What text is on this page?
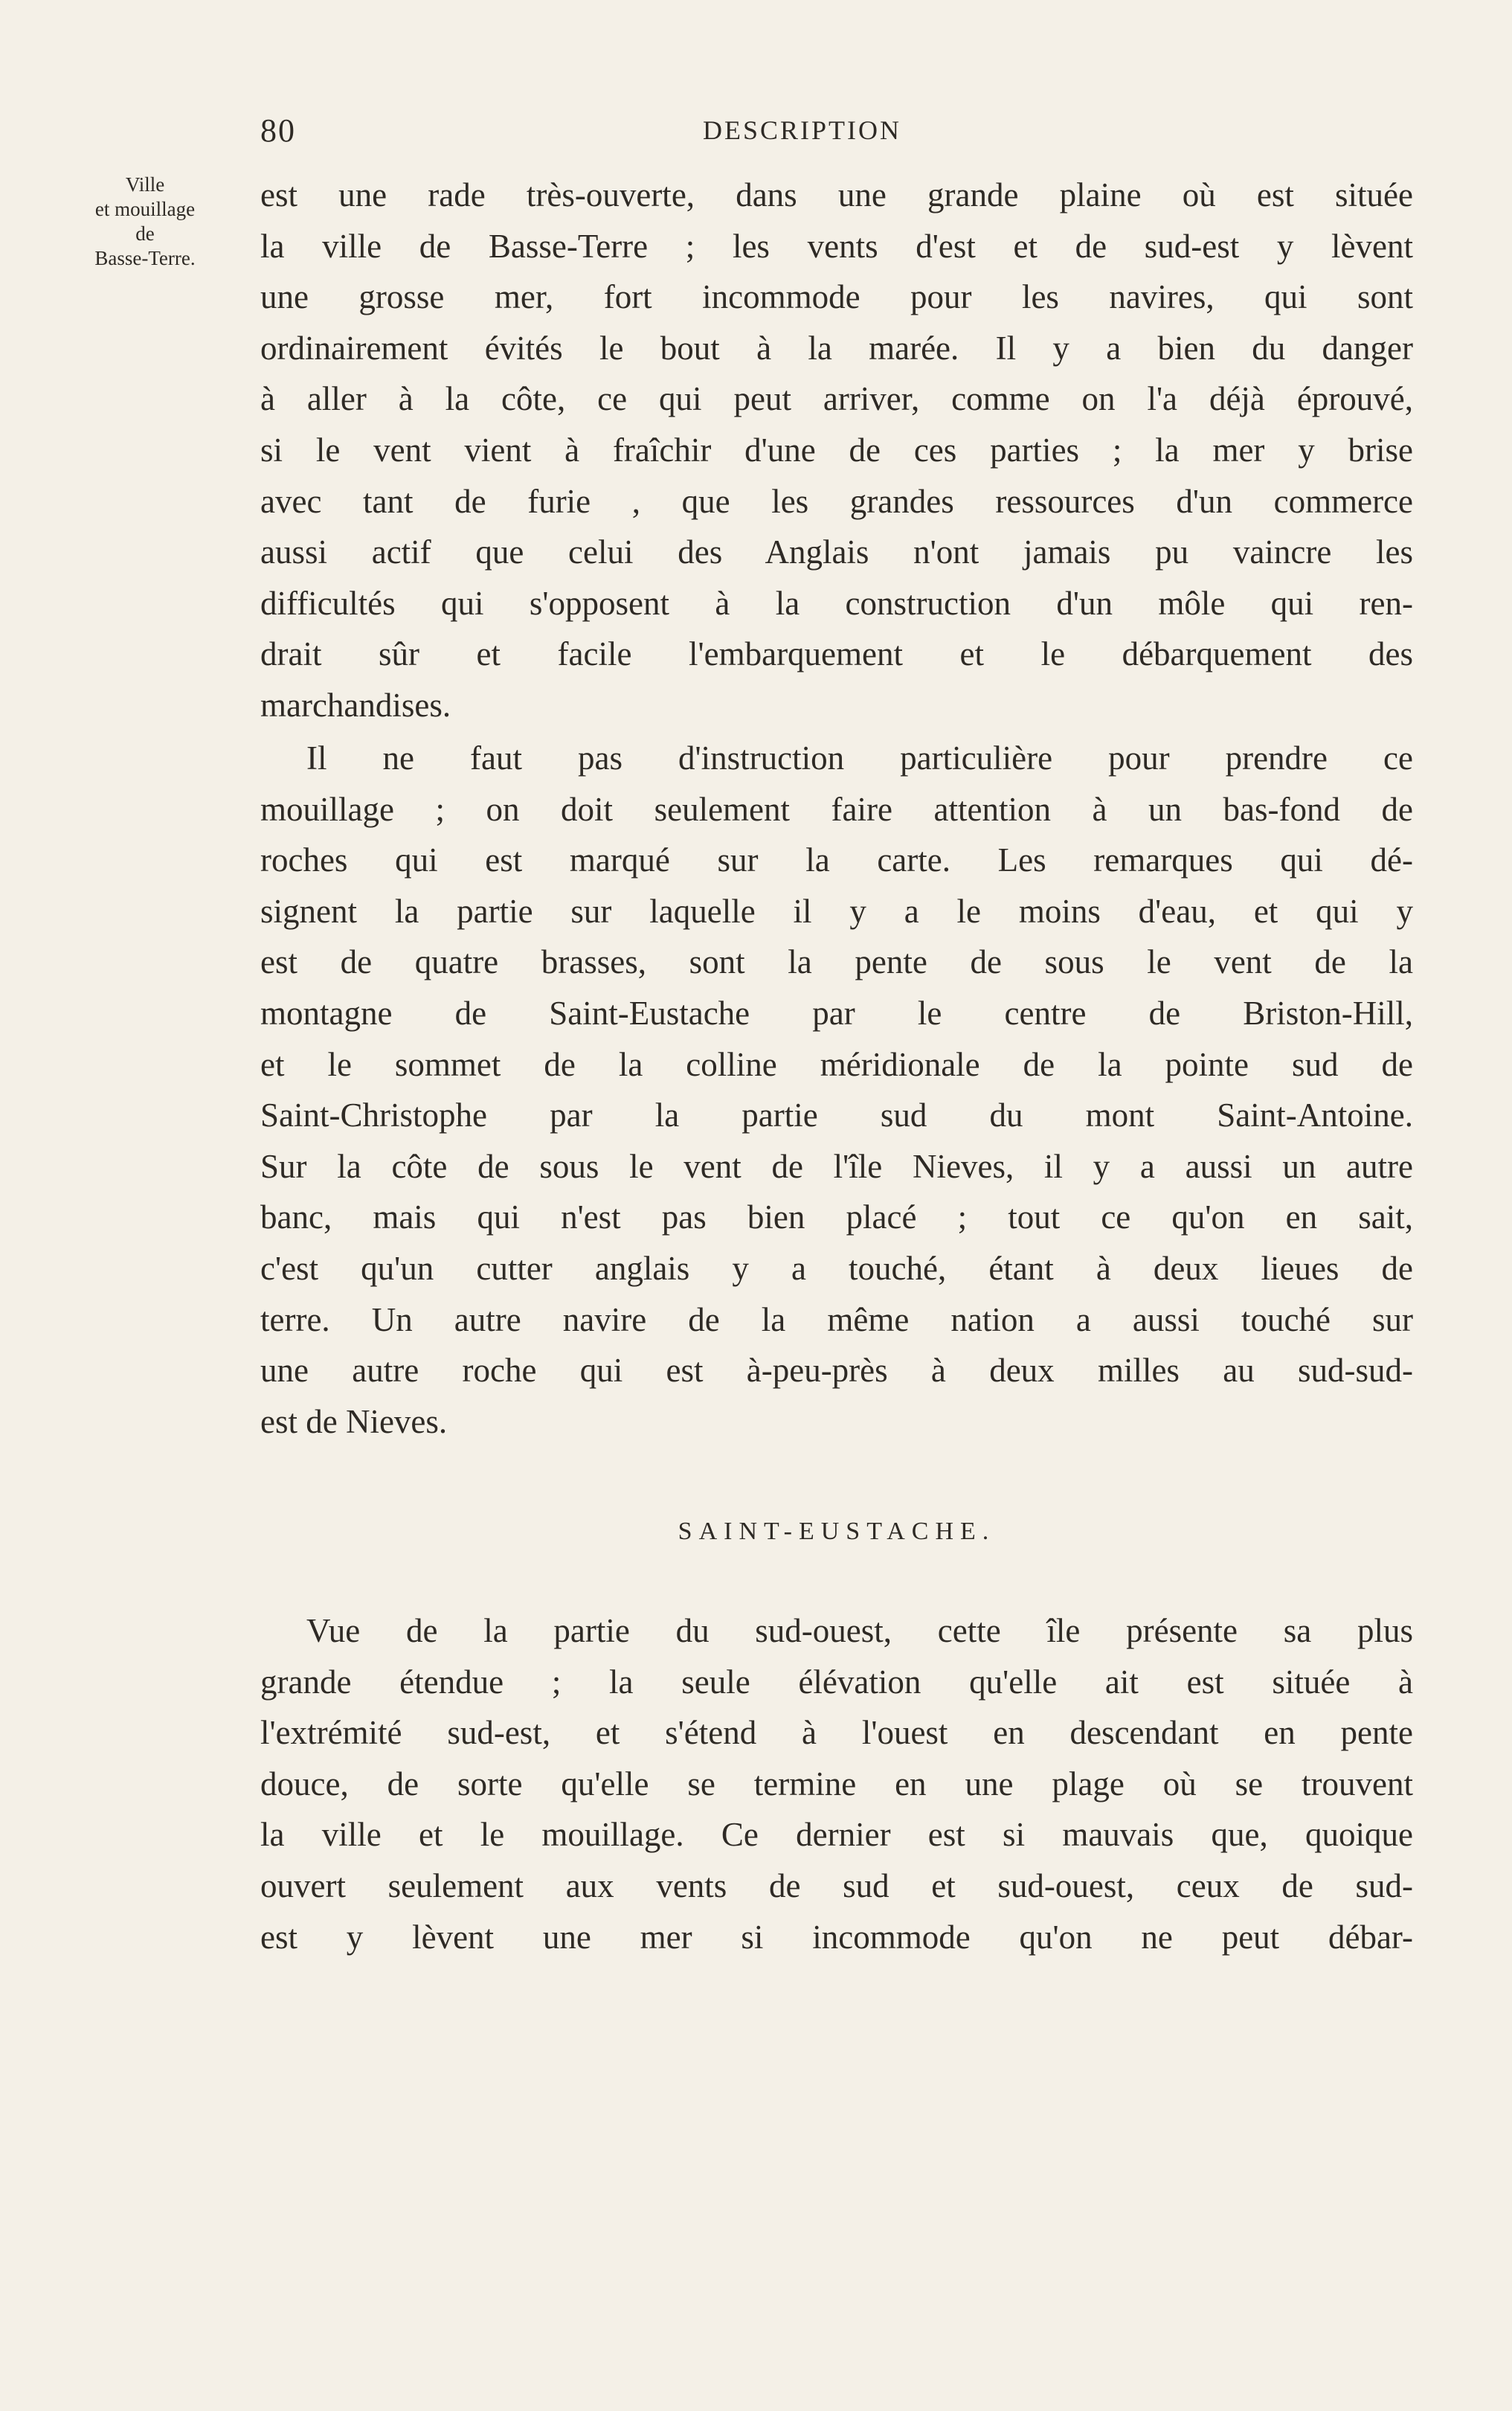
80	DESCRIPTION
Ville
et mouillage
de
Basse-Terre.
est une rade très-ouverte, dans une grande plaine où est située
la ville de Basse-Terre ; les vents d'est et de sud-est y lèvent
une grosse mer, fort incommode pour les navires, qui sont
ordinairement évités le bout à la marée. Il y a bien du danger
à aller à la côte, ce qui peut arriver, comme on l'a déjà éprouvé,
si le vent vient à fraîchir d'une de ces parties ; la mer y brise
avec tant de furie , que les grandes ressources d'un commerce
aussi actif que celui des Anglais n'ont jamais pu vaincre les
difficultés qui s'opposent à la construction d'un môle qui ren-
drait sûr et facile l'embarquement et le débarquement des
marchandises.
Il ne faut pas d'instruction particulière pour prendre ce
mouillage ; on doit seulement faire attention à un bas-fond de
roches qui est marqué sur la carte. Les remarques qui dé-
signent la partie sur laquelle il y a le moins d'eau, et qui y
est de quatre brasses, sont la pente de sous le vent de la
montagne de Saint-Eustache par le centre de Briston-Hill,
et le sommet de la colline méridionale de la pointe sud de
Saint-Christophe par la partie sud du mont Saint-Antoine.
Sur la côte de sous le vent de l'île Nieves, il y a aussi un autre
banc, mais qui n'est pas bien placé ; tout ce qu'on en sait,
c'est qu'un cutter anglais y a touché, étant à deux lieues de
terre. Un autre navire de la même nation a aussi touché sur
une autre roche qui est à-peu-près à deux milles au sud-sud-
est de Nieves.
SAINT-EUSTACHE.
Vue de la partie du sud-ouest, cette île présente sa plus
grande étendue ; la seule élévation qu'elle ait est située à
l'extrémité sud-est, et s'étend à l'ouest en descendant en pente
douce, de sorte qu'elle se termine en une plage où se trouvent
la ville et le mouillage. Ce dernier est si mauvais que, quoique
ouvert seulement aux vents de sud et sud-ouest, ceux de sud-
est y lèvent une mer si incommode qu'on ne peut débar-
